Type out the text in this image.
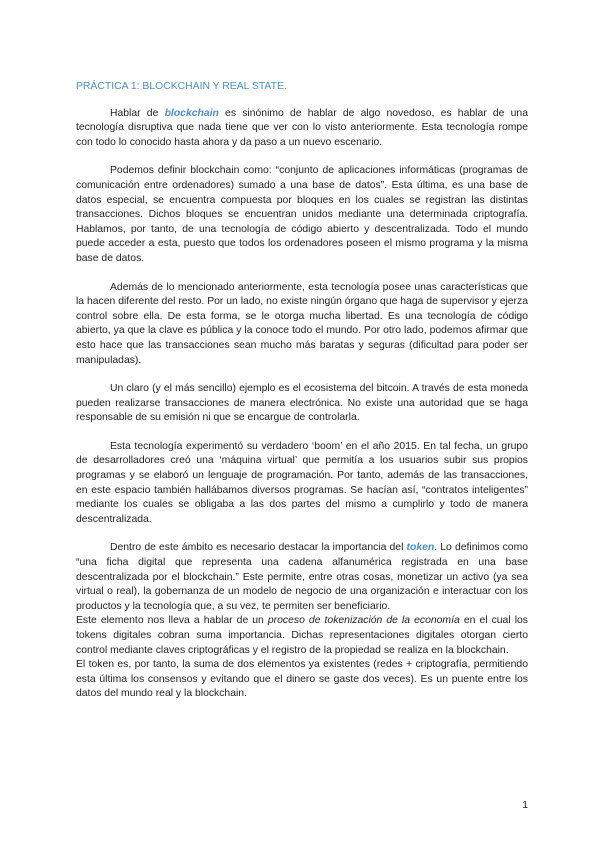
PRÁCTICA 1: BLOCKCHAIN Y REAL STATE.

Hablar de blockchain es sinónimo de hablar de algo novedoso, es hablar de una tecnología disruptiva que nada tiene que ver con lo visto anteriormente. Esta tecnología rompe con todo lo conocido hasta ahora y da paso a un nuevo escenario.

Podemos definir blockchain como: “conjunto de aplicaciones informáticas (programas de comunicación entre ordenadores) sumado a una base de datos”. Esta última, es una base de datos especial, se encuentra compuesta por bloques en los cuales se registran las distintas transacciones. Dichos bloques se encuentran unidos mediante una determinada criptografía. Hablamos, por tanto, de una tecnología de código abierto y descentralizada. Todo el mundo puede acceder a esta, puesto que todos los ordenadores poseen el mismo programa y la misma base de datos.

Además de lo mencionado anteriormente, esta tecnología posee unas características que la hacen diferente del resto. Por un lado, no existe ningún órgano que haga de supervisor y ejerza control sobre ella. De esta forma, se le otorga mucha libertad. Es una tecnología de código abierto, ya que la clave es pública y la conoce todo el mundo. Por otro lado, podemos afirmar que esto hace que las transacciones sean mucho más baratas y seguras (dificultad para poder ser manipuladas).

Un claro (y el más sencillo) ejemplo es el ecosistema del bitcoin. A través de esta moneda pueden realizarse transacciones de manera electrónica. No existe una autoridad que se haga responsable de su emisión ni que se encargue de controlarla.

Esta tecnología experimentó su verdadero ‘boom’ en el año 2015. En tal fecha, un grupo de desarrolladores creó una ‘máquina virtual’ que permitía a los usuarios subir sus propios programas y se elaboró un lenguaje de programación. Por tanto, además de las transacciones, en este espacio también hallábamos diversos programas. Se hacían así, “contratos inteligentes” mediante los cuales se obligaba a las dos partes del mismo a cumplirlo y todo de manera descentralizada.

Dentro de este ámbito es necesario destacar la importancia del token. Lo definimos como “una ficha digital que representa una cadena alfanumérica registrada en una base descentralizada por el blockchain.” Este permite, entre otras cosas, monetizar un activo (ya sea virtual o real), la gobernanza de un modelo de negocio de una organización e interactuar con los productos y la tecnología que, a su vez, te permiten ser beneficiario.

Este elemento nos lleva a hablar de un proceso de tokenización de la economía en el cual los tokens digitales cobran suma importancia. Dichas representaciones digitales otorgan cierto control mediante claves criptográficas y el registro de la propiedad se realiza en la blockchain.

El token es, por tanto, la suma de dos elementos ya existentes (redes + criptografía, permitiendo esta última los consensos y evitando que el dinero se gaste dos veces). Es un puente entre los datos del mundo real y la blockchain.

1
